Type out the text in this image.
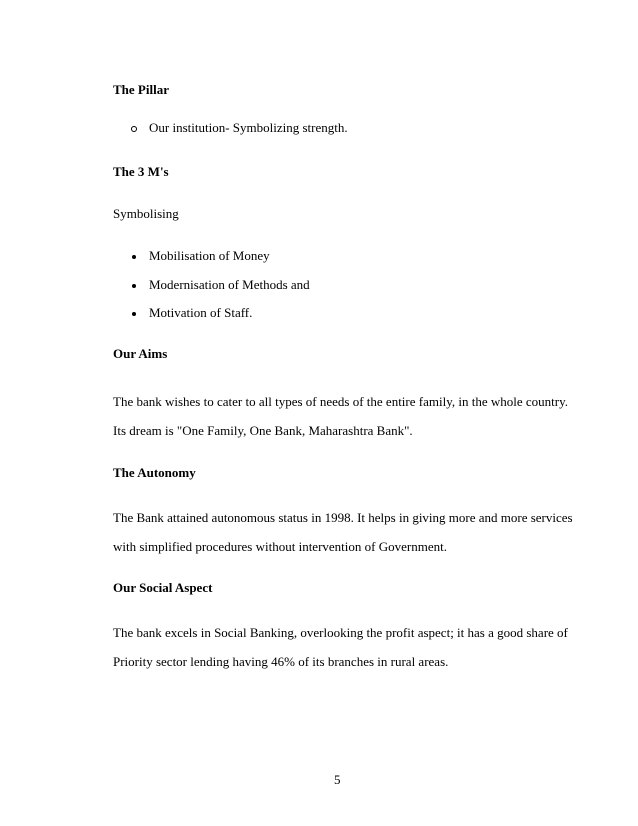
The Pillar
Our institution- Symbolizing strength.
The 3 M's
Symbolising
Mobilisation of Money
Modernisation of Methods and
Motivation of Staff.
Our Aims
The bank wishes to cater to all types of needs of the entire family, in the whole country.
Its dream is "One Family, One Bank, Maharashtra Bank".
The Autonomy
The Bank attained autonomous status in 1998. It helps in giving more and more services
with simplified procedures without intervention of Government.
Our Social Aspect
The bank excels in Social Banking, overlooking the profit aspect; it has a good share of
Priority sector lending having 46% of its branches in rural areas.
5
